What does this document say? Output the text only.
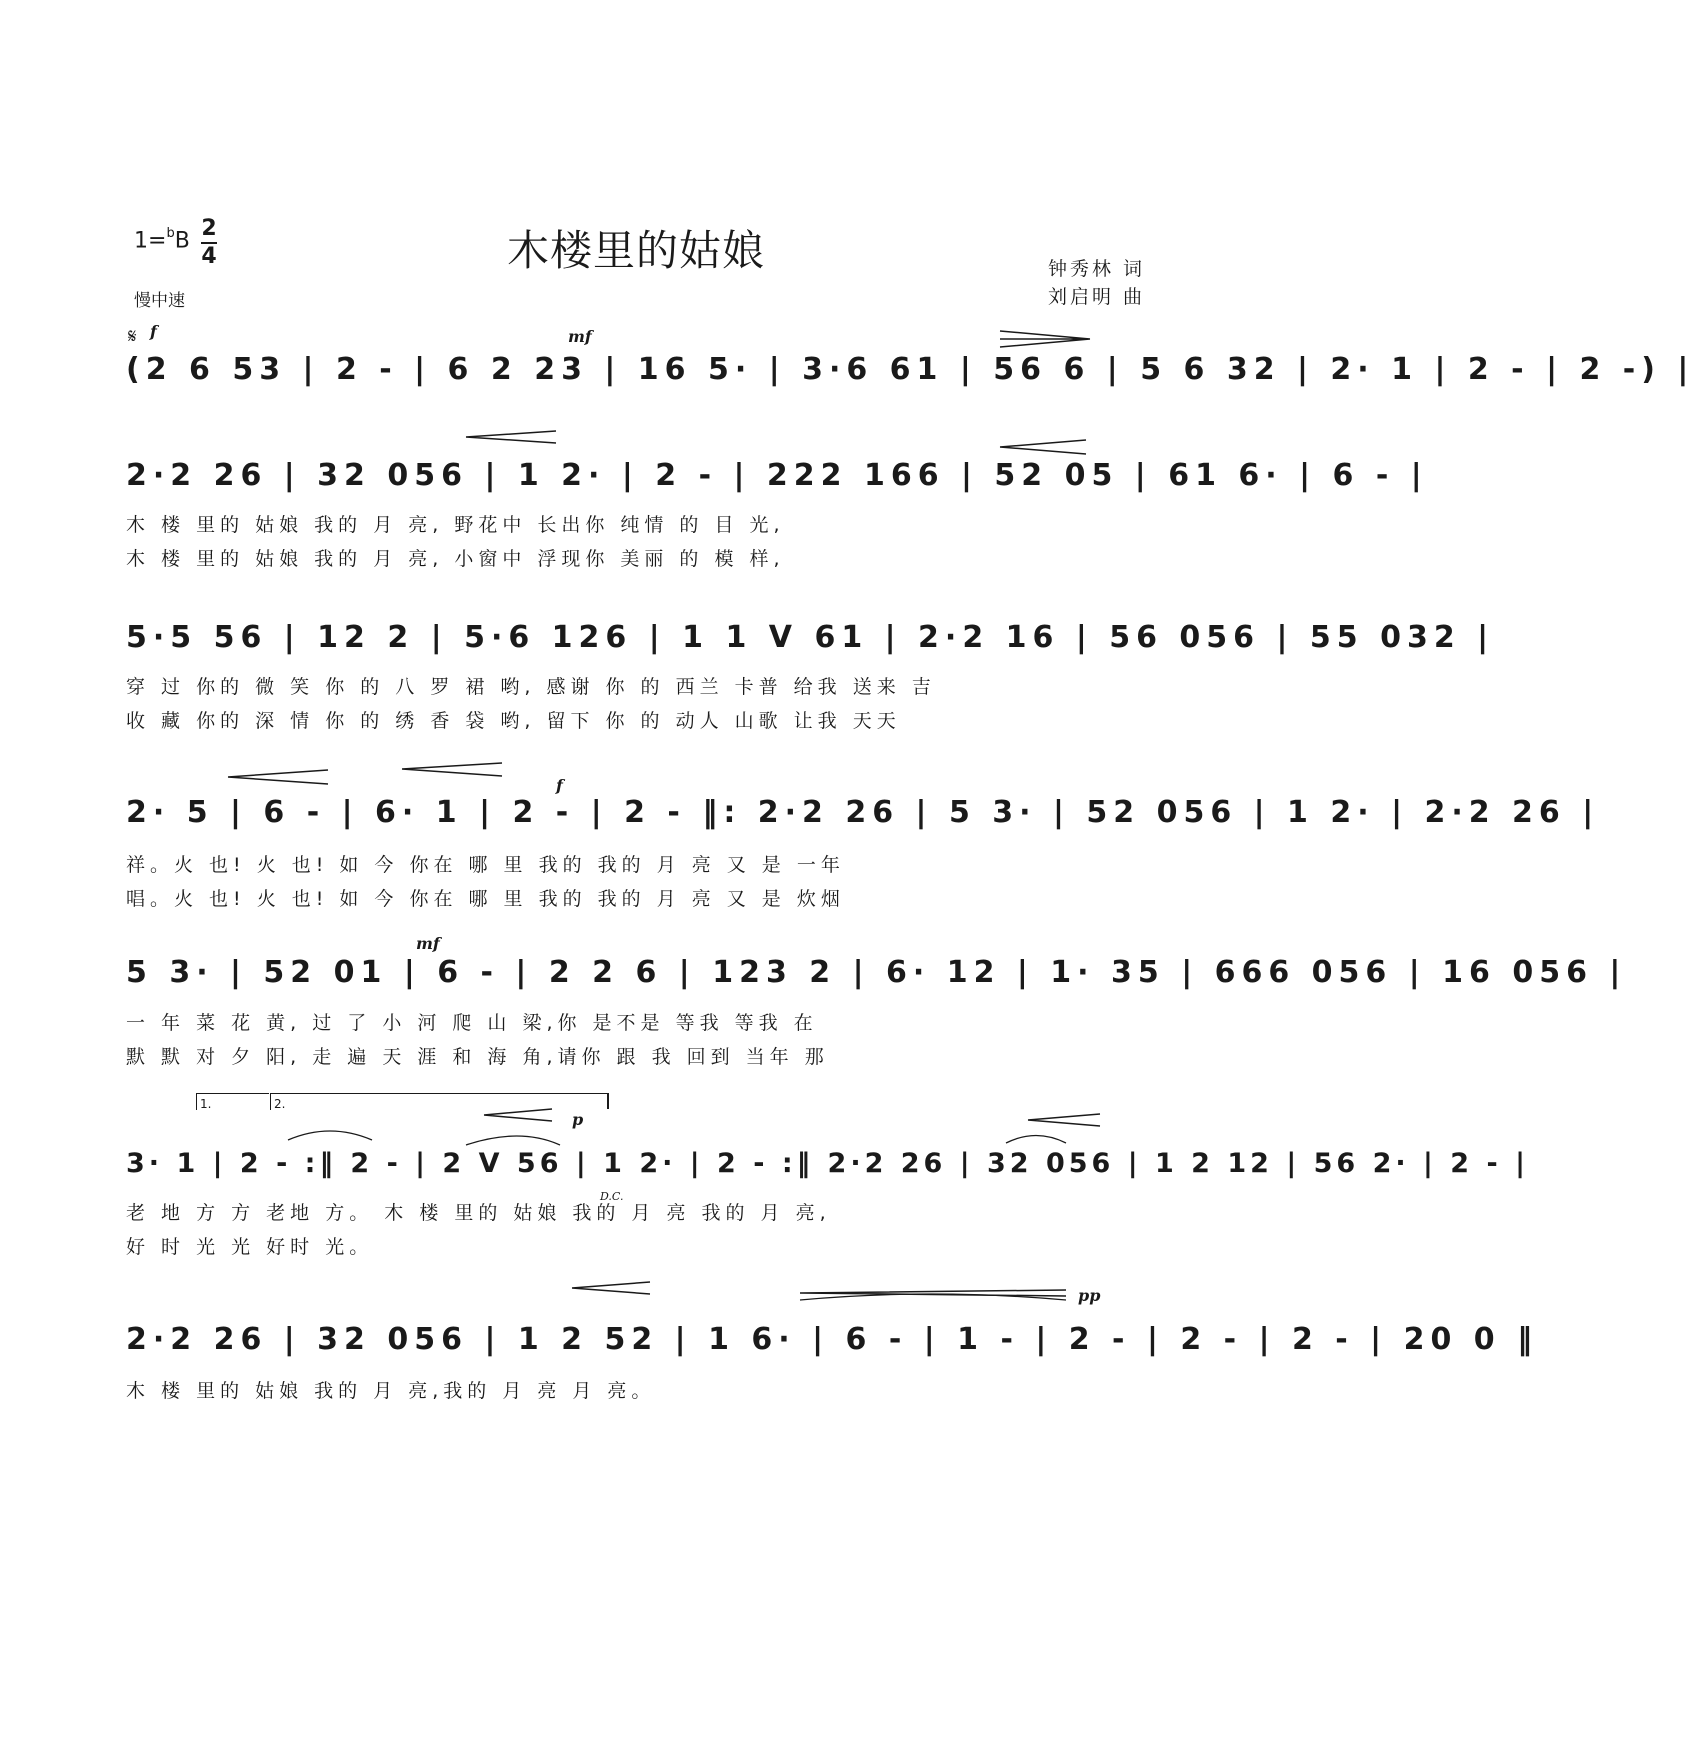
1=$^b$B 2
4	木楼里的姑娘
慢中速
钟秀林 词
刘启明 曲
𝄋 f	mf
f
mf
p
pp
D.C.
1.	2.
(2 6 53 | 2 - | 6 2 23 | 16 5· | 3·6 61 | 56 6 | 5 6 32 | 2· 1 | 2 - | 2 -) |
2·2 26 | 32 056 | 1 2· | 2 - | 222 166 | 52 05 | 61 6· | 6 - |
木 楼 里的 姑娘 我的 月 亮, 野花中 长出你 纯情 的 目 光,
木 楼 里的 姑娘 我的 月 亮, 小窗中 浮现你 美丽 的 模 样,
5·5 56 | 12 2 | 5·6 126 | 1 1 V 61 | 2·2 16 | 56 056 | 55 032 |
穿 过 你的 微 笑 你 的 八 罗 裙 哟, 感谢 你 的 西兰 卡普 给我 送来 吉
收 藏 你的 深 情 你 的 绣 香 袋 哟, 留下 你 的 动人 山歌 让我 天天
2· 5 | 6 - | 6· 1 | 2 - | 2 - ‖: 2·2 26 | 5 3· | 52 056 | 1 2· | 2·2 26 |
祥。火 也! 火 也! 如 今 你在 哪 里 我的 我的 月 亮 又 是 一年
唱。火 也! 火 也! 如 今 你在 哪 里 我的 我的 月 亮 又 是 炊烟
5 3· | 52 01 | 6 - | 2 2 6 | 123 2 | 6· 12 | 1· 35 | 666 056 | 16 056 |
一 年 菜 花 黄, 过 了 小 河 爬 山 梁,你 是不是 等我 等我 在
默 默 对 夕 阳, 走 遍 天 涯 和 海 角,请你 跟 我 回到 当年 那
3· 1 | 2 - :‖ 2 - | 2 V 56 | 1 2· | 2 - :‖ 2·2 26 | 32 056 | 1 2 12 | 56 2· | 2 - |
老 地 方 方 老地 方。 木 楼 里的 姑娘 我的 月 亮 我的 月 亮,
好 时 光 光 好时 光。
2·2 26 | 32 056 | 1 2 52 | 1 6· | 6 - | 1 - | 2 - | 2 - | 2 - | 20 0 ‖
木 楼 里的 姑娘 我的 月 亮,我的 月 亮 月 亮。
